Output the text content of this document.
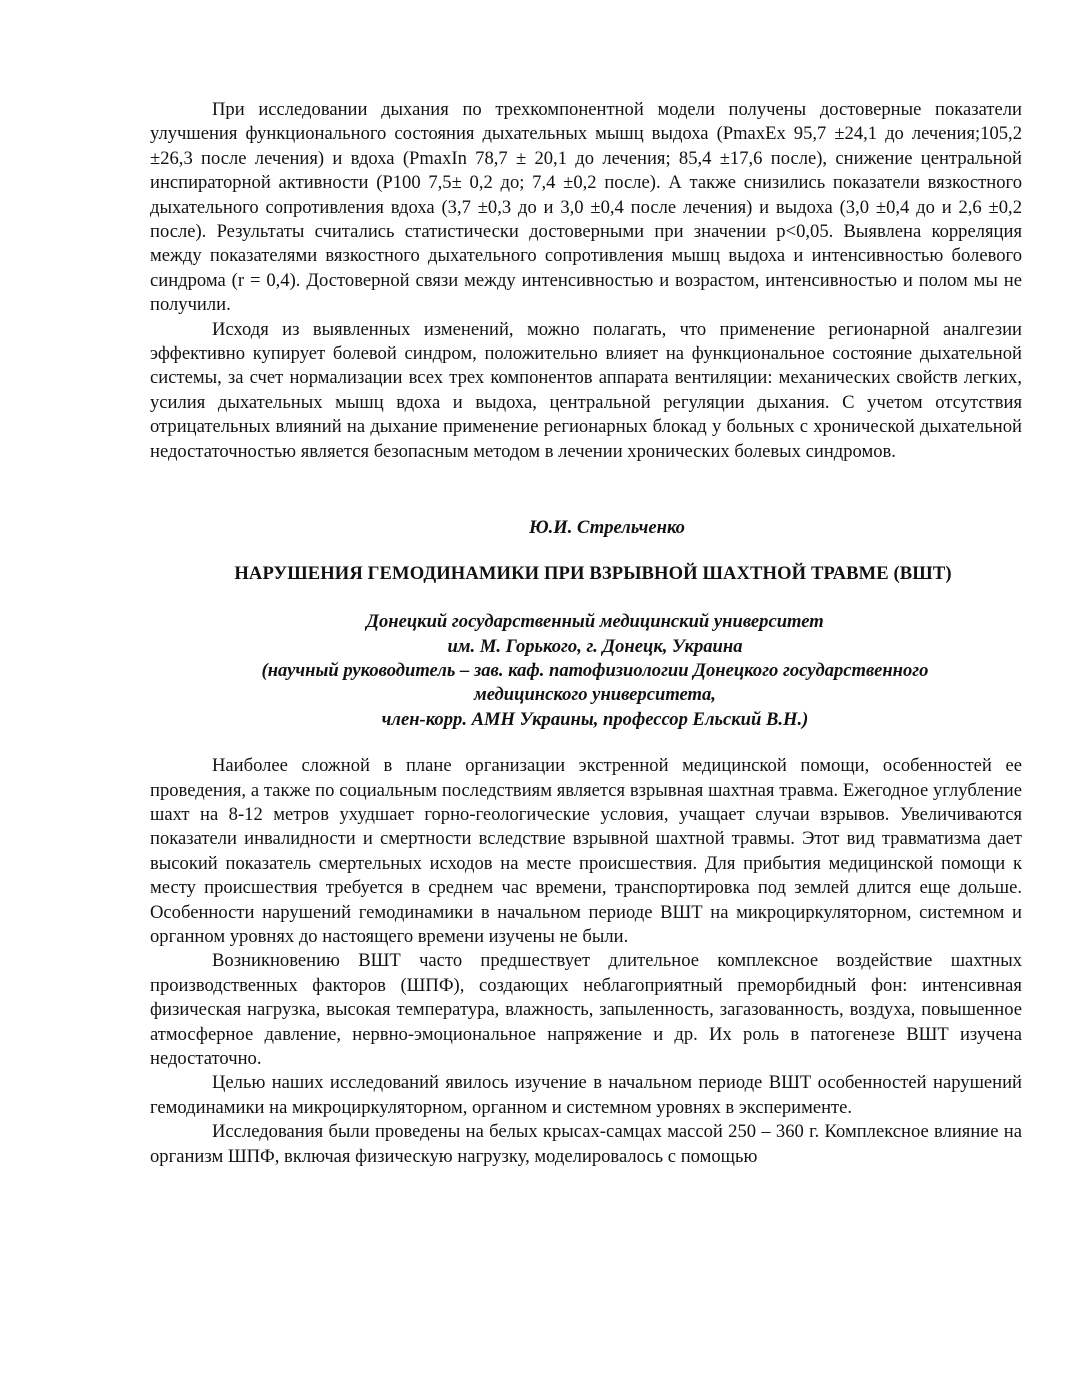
При исследовании дыхания по трехкомпонентной модели получены достоверные показатели улучшения функционального состояния дыхательных мышц выдоха (PmaxEx 95,7 ±24,1 до лечения;105,2 ±26,3 после лечения) и вдоха (PmaxIn 78,7 ± 20,1 до лечения; 85,4 ±17,6 после), снижение центральной инспираторной активности (P100 7,5± 0,2 до; 7,4 ±0,2 после). А также снизились показатели вязкостного дыхательного сопротивления вдоха (3,7 ±0,3 до и 3,0 ±0,4 после лечения) и выдоха (3,0 ±0,4 до и 2,6 ±0,2 после). Результаты считались статистически достоверными при значении p<0,05. Выявлена корреляция между показателями вязкостного дыхательного сопротивления мышц выдоха и интенсивностью болевого синдрома (r = 0,4). Достоверной связи между интенсивностью и возрастом, интенсивностью и полом мы не получили.

Исходя из выявленных изменений, можно полагать, что применение регионарной аналгезии эффективно купирует болевой синдром, положительно влияет на функциональное состояние дыхательной системы, за счет нормализации всех трех компонентов аппарата вентиляции: механических свойств легких, усилия дыхательных мышц вдоха и выдоха, центральной регуляции дыхания. С учетом отсутствия отрицательных влияний на дыхание применение регионарных блокад у больных с хронической дыхательной недостаточностью является безопасным методом в лечении хронических болевых синдромов.

Ю.И. Стрельченко

НАРУШЕНИЯ ГЕМОДИНАМИКИ ПРИ ВЗРЫВНОЙ ШАХТНОЙ ТРАВМЕ (ВШТ)

Донецкий государственный медицинский университет
им. М. Горького, г. Донецк, Украина
(научный руководитель – зав. каф. патофизиологии Донецкого государственного
медицинского университета,
член-корр. АМН Украины, профессор Ельский В.Н.)

Наиболее сложной в плане организации экстренной медицинской помощи, особенностей ее проведения, а также по социальным последствиям является взрывная шахтная травма. Ежегодное углубление шахт на 8-12 метров ухудшает горно-геологические условия, учащает случаи взрывов. Увеличиваются показатели инвалидности и смертности вследствие взрывной шахтной травмы. Этот вид травматизма дает высокий показатель смертельных исходов на месте происшествия. Для прибытия медицинской помощи к месту происшествия требуется в среднем час времени, транспортировка под землей длится еще дольше. Особенности нарушений гемодинамики в начальном периоде ВШТ на микроциркуляторном, системном и органном уровнях до настоящего времени изучены не были.

Возникновению ВШТ часто предшествует длительное комплексное воздействие шахтных производственных факторов (ШПФ), создающих неблагоприятный преморбидный фон: интенсивная физическая нагрузка, высокая температура, влажность, запыленность, загазованность, воздуха, повышенное атмосферное давление, нервно-эмоциональное напряжение и др. Их роль в патогенезе ВШТ изучена недостаточно.

Целью наших исследований явилось изучение в начальном периоде ВШТ особенностей нарушений гемодинамики на микроциркуляторном, органном и системном уровнях в эксперименте.

Исследования были проведены на белых крысах-самцах массой 250 – 360 г. Комплексное влияние на организм ШПФ, включая физическую нагрузку, моделировалось с помощью
